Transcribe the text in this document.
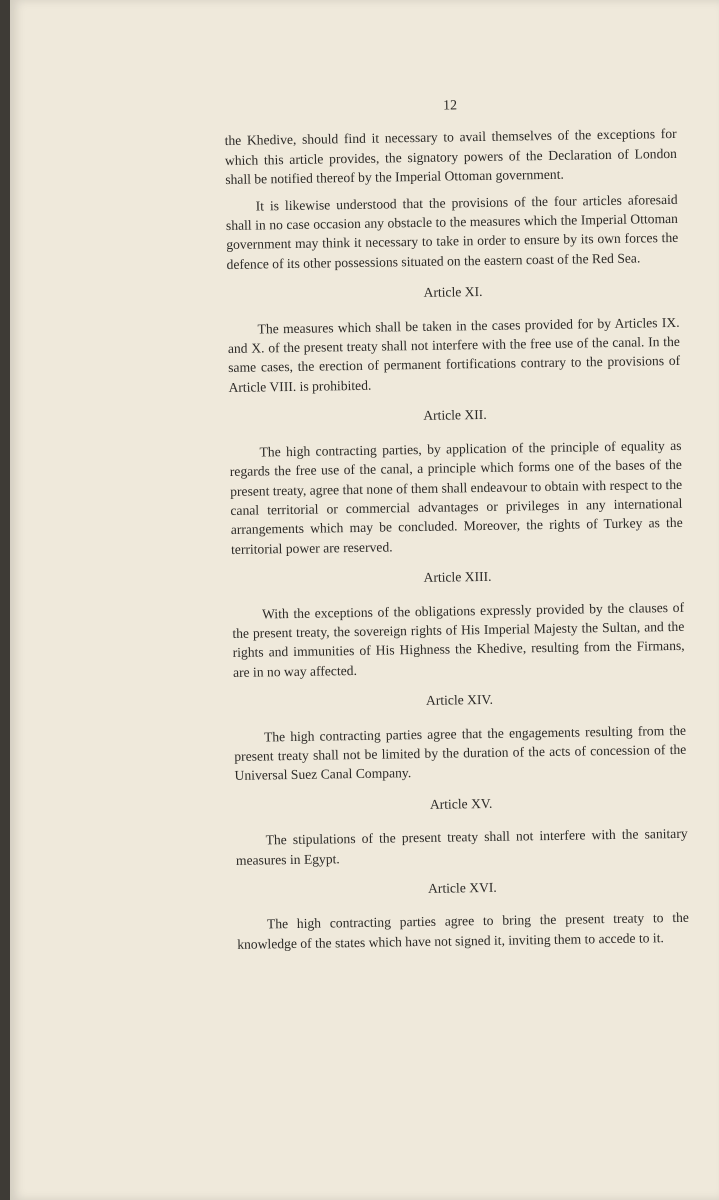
12

the Khedive, should find it necessary to avail themselves of the exceptions for which this article provides, the signatory powers of the Declaration of London shall be notified thereof by the Imperial Ottoman government.

It is likewise understood that the provisions of the four articles aforesaid shall in no case occasion any obstacle to the measures which the Imperial Ottoman government may think it necessary to take in order to ensure by its own forces the defence of its other possessions situated on the eastern coast of the Red Sea.

Article XI.

The measures which shall be taken in the cases provided for by Articles IX. and X. of the present treaty shall not interfere with the free use of the canal. In the same cases, the erection of permanent fortifications contrary to the provisions of Article VIII. is prohibited.

Article XII.

The high contracting parties, by application of the principle of equality as regards the free use of the canal, a principle which forms one of the bases of the present treaty, agree that none of them shall endeavour to obtain with respect to the canal territorial or commercial advantages or privileges in any international arrangements which may be concluded. Moreover, the rights of Turkey as the territorial power are reserved.

Article XIII.

With the exceptions of the obligations expressly provided by the clauses of the present treaty, the sovereign rights of His Imperial Majesty the Sultan, and the rights and immunities of His Highness the Khedive, resulting from the Firmans, are in no way affected.

Article XIV.

The high contracting parties agree that the engagements resulting from the present treaty shall not be limited by the duration of the acts of concession of the Universal Suez Canal Company.

Article XV.

The stipulations of the present treaty shall not interfere with the sanitary measures in Egypt.

Article XVI.

The high contracting parties agree to bring the present treaty to the knowledge of the states which have not signed it, inviting them to accede to it.
